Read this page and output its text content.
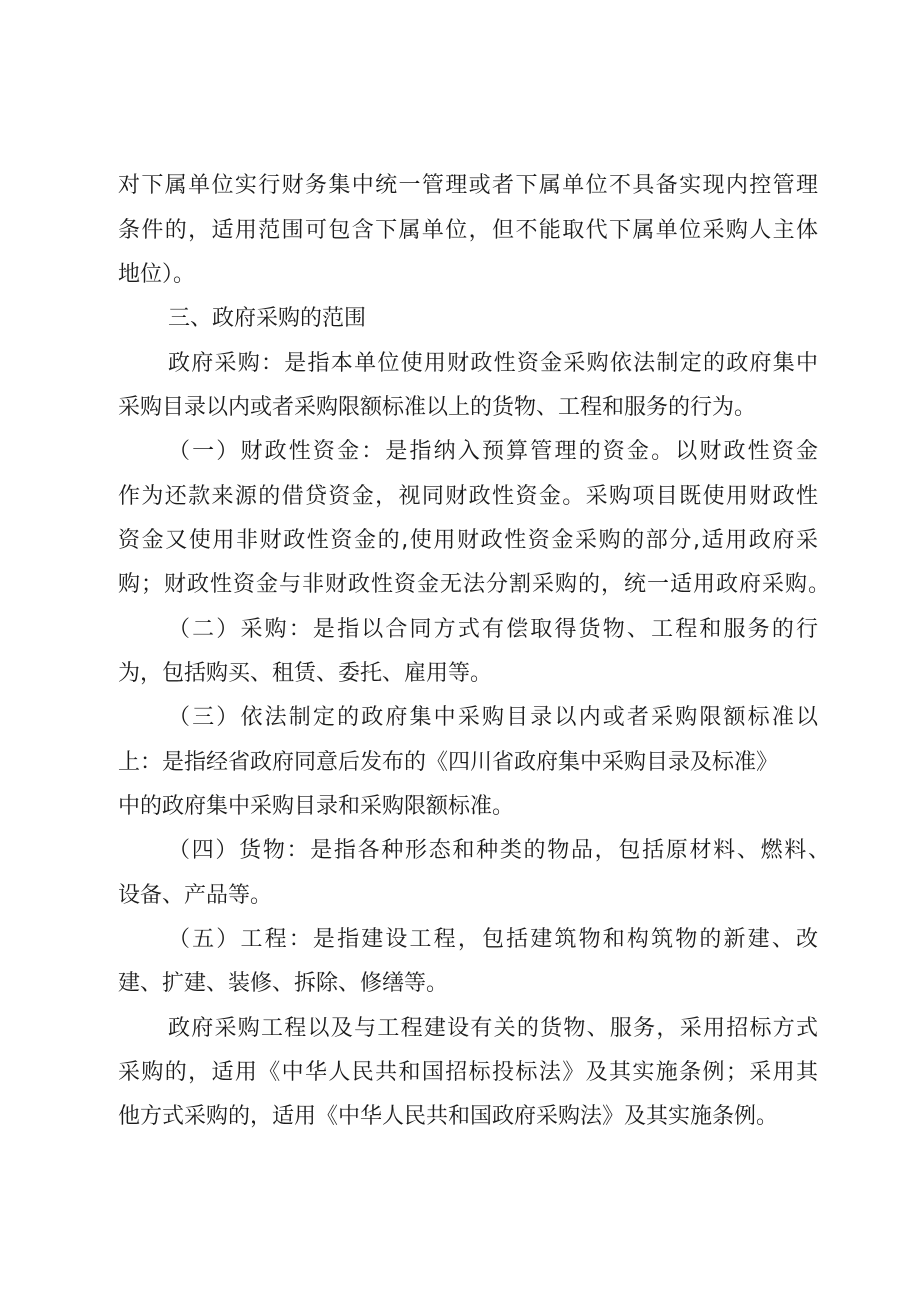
对下属单位实行财务集中统一管理或者下属单位不具备实现内控管理
条件的，适用范围可包含下属单位，但不能取代下属单位采购人主体
地位）。
三、政府采购的范围
政府采购：是指本单位使用财政性资金采购依法制定的政府集中
采购目录以内或者采购限额标准以上的货物、工程和服务的行为。
（一）财政性资金：是指纳入预算管理的资金。以财政性资金
作为还款来源的借贷资金，视同财政性资金。采购项目既使用财政性
资金又使用非财政性资金的,使用财政性资金采购的部分,适用政府采
购；财政性资金与非财政性资金无法分割采购的，统一适用政府采购。
（二）采购：是指以合同方式有偿取得货物、工程和服务的行
为，包括购买、租赁、委托、雇用等。
（三）依法制定的政府集中采购目录以内或者采购限额标准以
上：是指经省政府同意后发布的《四川省政府集中采购目录及标准》
中的政府集中采购目录和采购限额标准。
（四）货物：是指各种形态和种类的物品，包括原材料、燃料、
设备、产品等。
（五）工程：是指建设工程，包括建筑物和构筑物的新建、改
建、扩建、装修、拆除、修缮等。
政府采购工程以及与工程建设有关的货物、服务，采用招标方式
采购的，适用《中华人民共和国招标投标法》及其实施条例；采用其
他方式采购的，适用《中华人民共和国政府采购法》及其实施条例。
